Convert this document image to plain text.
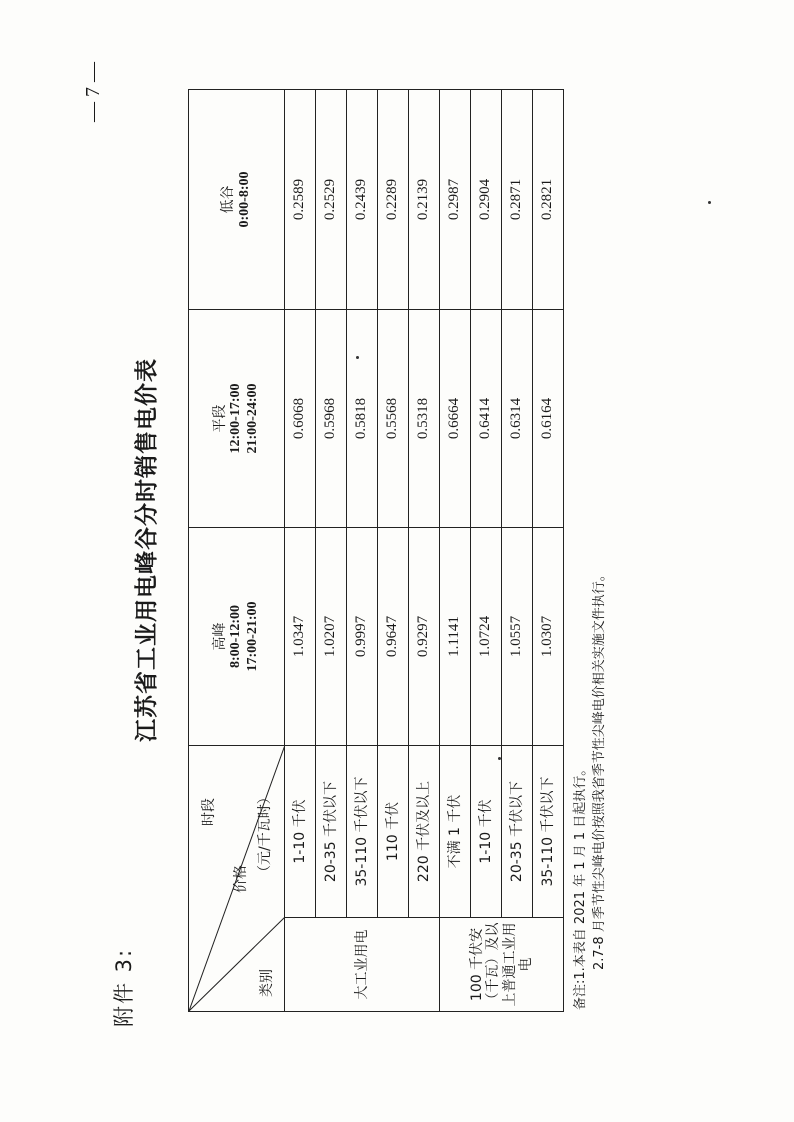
附件 3:
江苏省工业用电峰谷分时销售电价表
— 7 —
时段
价格 （元/千瓦时）
类别		高峰 8:00-12:00 17:00-21:00	平段 12:00-17:00 21:00-24:00	低谷 0:00-8:00

大工业用电	1-10 千伏	1.0347	0.6068	0.2589
	20-35 千伏以下	1.0207	0.5968	0.2529
	35-110 千伏以下	0.9997	0.5818	0.2439
	110 千伏	0.9647	0.5568	0.2289
	220 千伏及以上	0.9297	0.5318	0.2139
100 千伏安（千瓦）及以上普通工业用电	不满 1 千伏	1.1141	0.6664	0.2987
	1-10 千伏	1.0724	0.6414	0.2904
	20-35 千伏以下	1.0557	0.6314	0.2871
	35-110 千伏以下	1.0307	0.6164	0.2821
备注:1.本表自 2021 年 1 月 1 日起执行。 2.7-8 月季节性尖峰电价按照我省季节性尖峰电价相关实施文件执行。
